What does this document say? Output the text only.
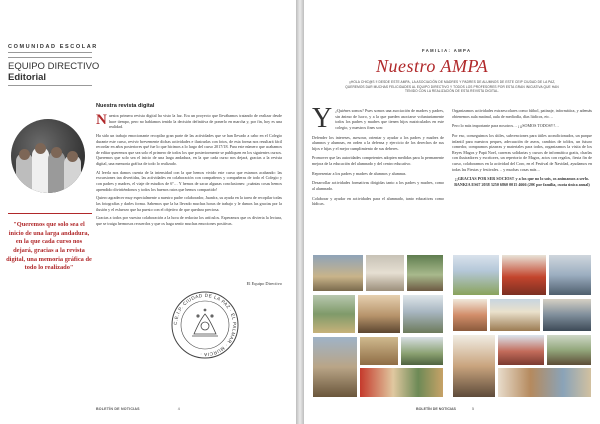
COMUNIDAD ESCOLAR
EQUIPO DIRECTIVO
Editorial
"Queremos que solo sea el inicio de una larga andadura, en la que cada curso nos dejará, gracias a la revista digital, una memoria gráfica de todo lo realizado"
Nuestra revista digital

Nuestra primera revista digital ha visto la luz. Era un proyecto que llevábamos tratando de realizar desde hace tiempo, pero no habíamos tenido la decisión definitiva de ponerlo en marcha y, por fin, hoy es una realidad.

Ha sido un trabajo emocionante recopilar gran parte de las actividades que se han llevado a cabo en el Colegio durante este curso, revivir brevemente dichas actividades e ilustrarlas con fotos, de esta forma nos resultará fácil recordar en años posteriores qué fue lo que hicimos a lo largo del curso 2017/18. Para este número que acabamos de editar queremos que sea solo el primero de todos los que posteriormente se publiquen en los siguientes cursos. Queremos que solo sea el inicio de una larga andadura, en la que cada curso nos dejará, gracias a la revista digital, una memoria gráfica de todo lo realizado.

Al leerla nos damos cuenta de la intensidad con la que hemos vivido este curso que estamos acabando: las excursiones tan divertidas, las actividades en colaboración con compañeros y compañeras de todo el Colegio y con padres y madres, el viaje de estudios de 6º… Y hemos de sacar algunas conclusiones: ¡cuántas cosas hemos aprendido divirtiéndonos y todos los buenos ratos que hemos compartido!

Quiero agradecer muy especialmente a nuestro padre colaborador, Juanfra, su ayuda en la tarea de recopilar todas las fotografías y darles forma. Sabemos que la ha llevado muchas horas de trabajo y le damos las gracias por la ilusión y el esfuerzo que ha puesto con el objetivo de que quedara preciosa.

Gracias a todos por vuestra colaboración a la hora de redactar los artículos. Esperamos que os divierta la lectura, que se traiga hermosos recuerdos y que os haga sentir muchas emociones positivas.

El Equipo Directivo
C.E.I.P. CIUDAD DE LA PAZ · EL PALMAR · MURCIA ·
BOLETÍN DE NOTICIAS	4
FAMILIA: AMPA
Nuestro AMPA
¡¡HOLA CHIC@S !! DESDE ESTE AMPA, LA ASOCIACIÓN DE MADRES Y PADRES DE ALUMNOS DE ESTE CEIP CIUDAD DE LA PAZ, QUEREMOS DAR MUCHAS FELICIDADES AL EQUIPO DIRECTIVO Y TODOS LOS PROFESORES POR ESTA GRAN INICIATIVA QUE HAN TENIDO CON LA REALIZACIÓN DE ESTA REVISTA DIGITAL.

Y ¿Quiénes somos? Pues somos una asociación de madres y padres, sin ánimo de lucro, y a la que pueden asociarse voluntariamente todos los padres y madres que tienen hijos matriculados en este colegio, y nuestros fines son:

Defender los intereses, asesorar, orientar y ayudar a los padres y madres de alumnos y alumnas, en orden a la defensa y ejercicio de los derechos de sus hijos e hijas y el mejor cumplimiento de sus deberes.

Promover que las autoridades competentes adopten medidas para la permanente mejora de la educación del alumnado y del centro educativo.

Representar a los padres y madres de alumnos y alumnas.

Desarrollar actividades formativas dirigidas tanto a los padres y madres, como al alumnado.

Colaborar y ayudar en actividades para el alumnado, tanto educativas como lúdicas.

Organizamos actividades extraescolares como fútbol, patinaje, informática, y además obtenemos aula matinal, aula de mediodía, días lúdicos, etc…

Pero lo más importante para nosotros… ¡¡¡SOMOS TODOS!!!…

Por eso, conseguimos los útiles, subvenciones para útiles acondicionados, un parque infantil para nuestros peques, adecuación de aseos, cambios de toldos, un futuro comedor, compramos pizarras y materiales para todos, organizamos la visita de los Reyes Magos y Papá Noel, carreras solidarias y cursos de informática gratis, charlas con ilustradores y escritores, un repertorio de Magos, actos con regalos, fiesta fin de curso, colaboramos en la actividad del Coro, en el Festival de Navidad, ayudamos en todas las Fiestas y festivales… y muchas cosas más…

¡¡GRACIAS POR SER SOCIOS!! y a los que no lo sois, os animamos a serlo. BANKIA ES67 2038 3250 6860 0015 4666 (20€ por familia, cuota única anual)

BOLETÍN DE NOTICIAS	5
